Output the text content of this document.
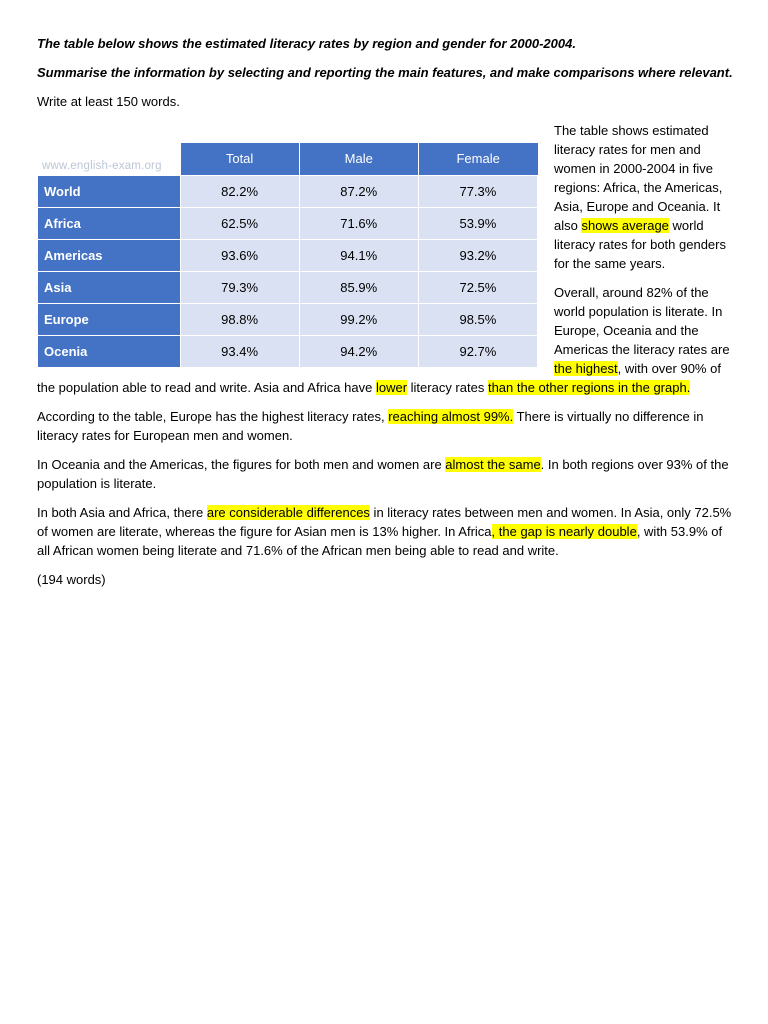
The table below shows the estimated literacy rates by region and gender for 2000-2004.

Summarise the information by selecting and reporting the main features, and make comparisons where relevant.

Write at least 150 words.

	Total	Male	Female
World	82.2%	87.2%	77.3%
Africa	62.5%	71.6%	53.9%
Americas	93.6%	94.1%	93.2%
Asia	79.3%	85.9%	72.5%
Europe	98.8%	99.2%	98.5%
Ocenia	93.4%	94.2%	92.7%
www.english-exam.org

The table shows estimated literacy rates for men and women in 2000-2004 in five regions: Africa, the Americas, Asia, Europe and Oceania. It also shows average world literacy rates for both genders for the same years.

Overall, around 82% of the world population is literate. In Europe, Oceania and the Americas the literacy rates are the highest, with over 90% of the population able to read and write. Asia and Africa have lower literacy rates than the other regions in the graph.

According to the table, Europe has the highest literacy rates, reaching almost 99%. There is virtually no difference in literacy rates for European men and women.

In Oceania and the Americas, the figures for both men and women are almost the same. In both regions over 93% of the population is literate.

In both Asia and Africa, there are considerable differences in literacy rates between men and women. In Asia, only 72.5% of women are literate, whereas the figure for Asian men is 13% higher. In Africa, the gap is nearly double, with 53.9% of all African women being literate and 71.6% of the African men being able to read and write.

(194 words)
